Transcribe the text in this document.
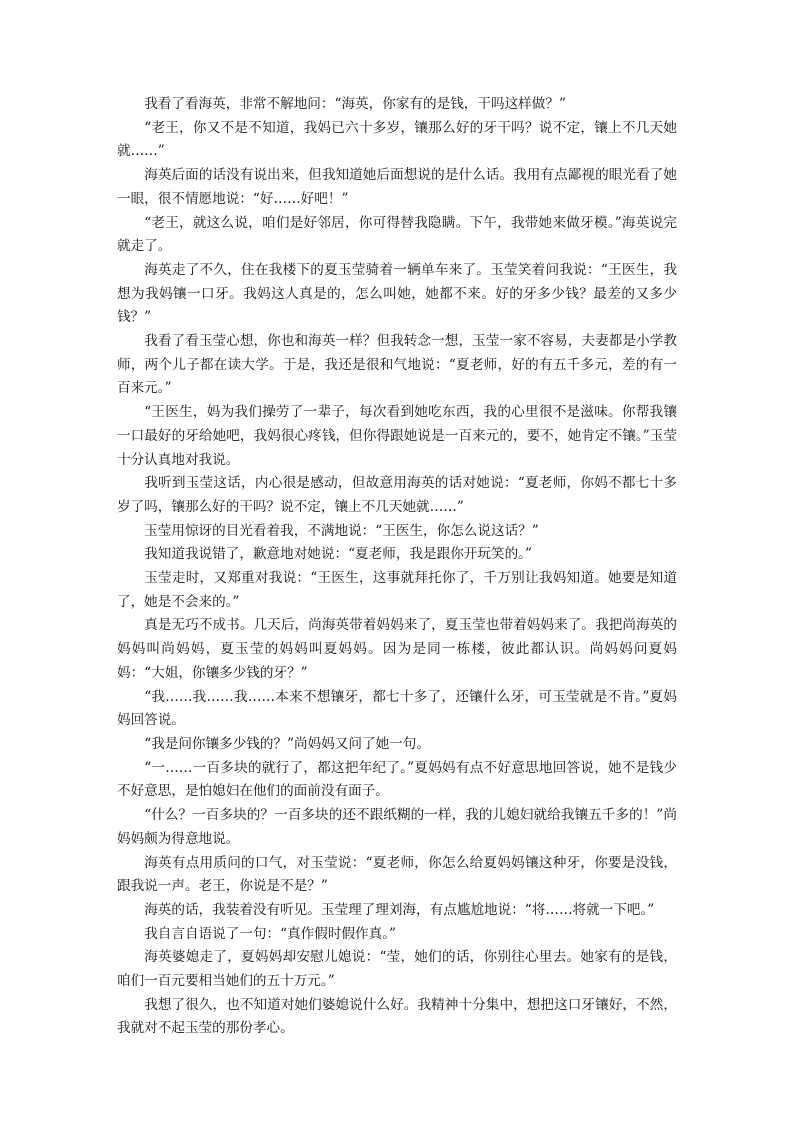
我看了看海英，非常不解地问：“海英，你家有的是钱，干吗这样做？”

“老王，你又不是不知道，我妈已六十多岁，镶那么好的牙干吗？说不定，镶上不几天她就……”

海英后面的话没有说出来，但我知道她后面想说的是什么话。我用有点鄙视的眼光看了她一眼，很不情愿地说：“好……好吧！”

“老王，就这么说，咱们是好邻居，你可得替我隐瞒。下午，我带她来做牙模。”海英说完就走了。

海英走了不久，住在我楼下的夏玉莹骑着一辆单车来了。玉莹笑着问我说：“王医生，我想为我妈镶一口牙。我妈这人真是的，怎么叫她，她都不来。好的牙多少钱？最差的又多少钱？”

我看了看玉莹心想，你也和海英一样？但我转念一想，玉莹一家不容易，夫妻都是小学教师，两个儿子都在读大学。于是，我还是很和气地说：“夏老师，好的有五千多元，差的有一百来元。”

“王医生，妈为我们操劳了一辈子，每次看到她吃东西，我的心里很不是滋味。你帮我镶一口最好的牙给她吧，我妈很心疼钱，但你得跟她说是一百来元的，要不，她肯定不镶。”玉莹十分认真地对我说。

我听到玉莹这话，内心很是感动，但故意用海英的话对她说：“夏老师，你妈不都七十多岁了吗，镶那么好的干吗？说不定，镶上不几天她就……”

玉莹用惊讶的目光看着我，不满地说：“王医生，你怎么说这话？”

我知道我说错了，歉意地对她说：“夏老师，我是跟你开玩笑的。”

玉莹走时，又郑重对我说：“王医生，这事就拜托你了，千万别让我妈知道。她要是知道了，她是不会来的。”

真是无巧不成书。几天后，尚海英带着妈妈来了，夏玉莹也带着妈妈来了。我把尚海英的妈妈叫尚妈妈，夏玉莹的妈妈叫夏妈妈。因为是同一栋楼，彼此都认识。尚妈妈问夏妈妈：“大姐，你镶多少钱的牙？”

“我……我……我……本来不想镶牙，都七十多了，还镶什么牙，可玉莹就是不肯。”夏妈妈回答说。

“我是问你镶多少钱的？”尚妈妈又问了她一句。

“一……一百多块的就行了，都这把年纪了。”夏妈妈有点不好意思地回答说，她不是钱少不好意思，是怕媳妇在他们的面前没有面子。

“什么？一百多块的？一百多块的还不跟纸糊的一样，我的儿媳妇就给我镶五千多的！”尚妈妈颇为得意地说。

海英有点用质问的口气，对玉莹说：“夏老师，你怎么给夏妈妈镶这种牙，你要是没钱，跟我说一声。老王，你说是不是？”

海英的话，我装着没有听见。玉莹理了理刘海，有点尴尬地说：“将……将就一下吧。”

我自言自语说了一句：“真作假时假作真。”

海英婆媳走了，夏妈妈却安慰儿媳说：“莹，她们的话，你别往心里去。她家有的是钱，咱们一百元要相当她们的五十万元。”

我想了很久，也不知道对她们婆媳说什么好。我精神十分集中，想把这口牙镶好，不然，我就对不起玉莹的那份孝心。
